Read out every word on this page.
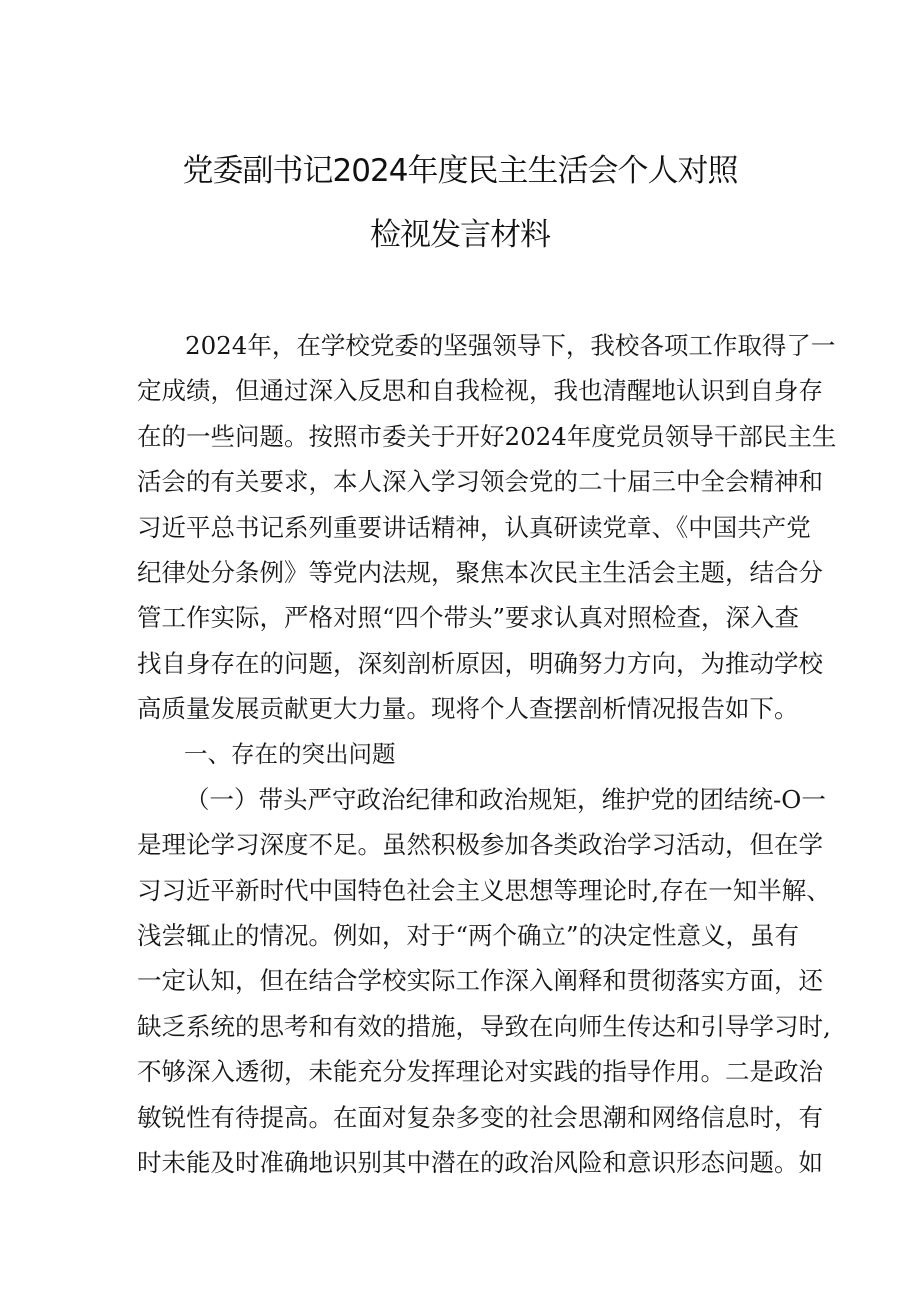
党委副书记2024年度民主生活会个人对照
检视发言材料
2024年，在学校党委的坚强领导下，我校各项工作取得了一
定成绩，但通过深入反思和自我检视，我也清醒地认识到自身存
在的一些问题。按照市委关于开好2024年度党员领导干部民主生
活会的有关要求，本人深入学习领会党的二十届三中全会精神和
习近平总书记系列重要讲话精神，认真研读党章、《中国共产党
纪律处分条例》等党内法规，聚焦本次民主生活会主题，结合分
管工作实际，严格对照“四个带头”要求认真对照检查，深入查
找自身存在的问题，深刻剖析原因，明确努力方向，为推动学校
高质量发展贡献更大力量。现将个人查摆剖析情况报告如下。
一、存在的突出问题
（一）带头严守政治纪律和政治规矩，维护党的团结统-O一
是理论学习深度不足。虽然积极参加各类政治学习活动，但在学
习习近平新时代中国特色社会主义思想等理论时,存在一知半解、
浅尝辄止的情况。例如，对于“两个确立”的决定性意义，虽有
一定认知，但在结合学校实际工作深入阐释和贯彻落实方面，还
缺乏系统的思考和有效的措施，导致在向师生传达和引导学习时,
不够深入透彻，未能充分发挥理论对实践的指导作用。二是政治
敏锐性有待提高。在面对复杂多变的社会思潮和网络信息时，有
时未能及时准确地识别其中潜在的政治风险和意识形态问题。如
